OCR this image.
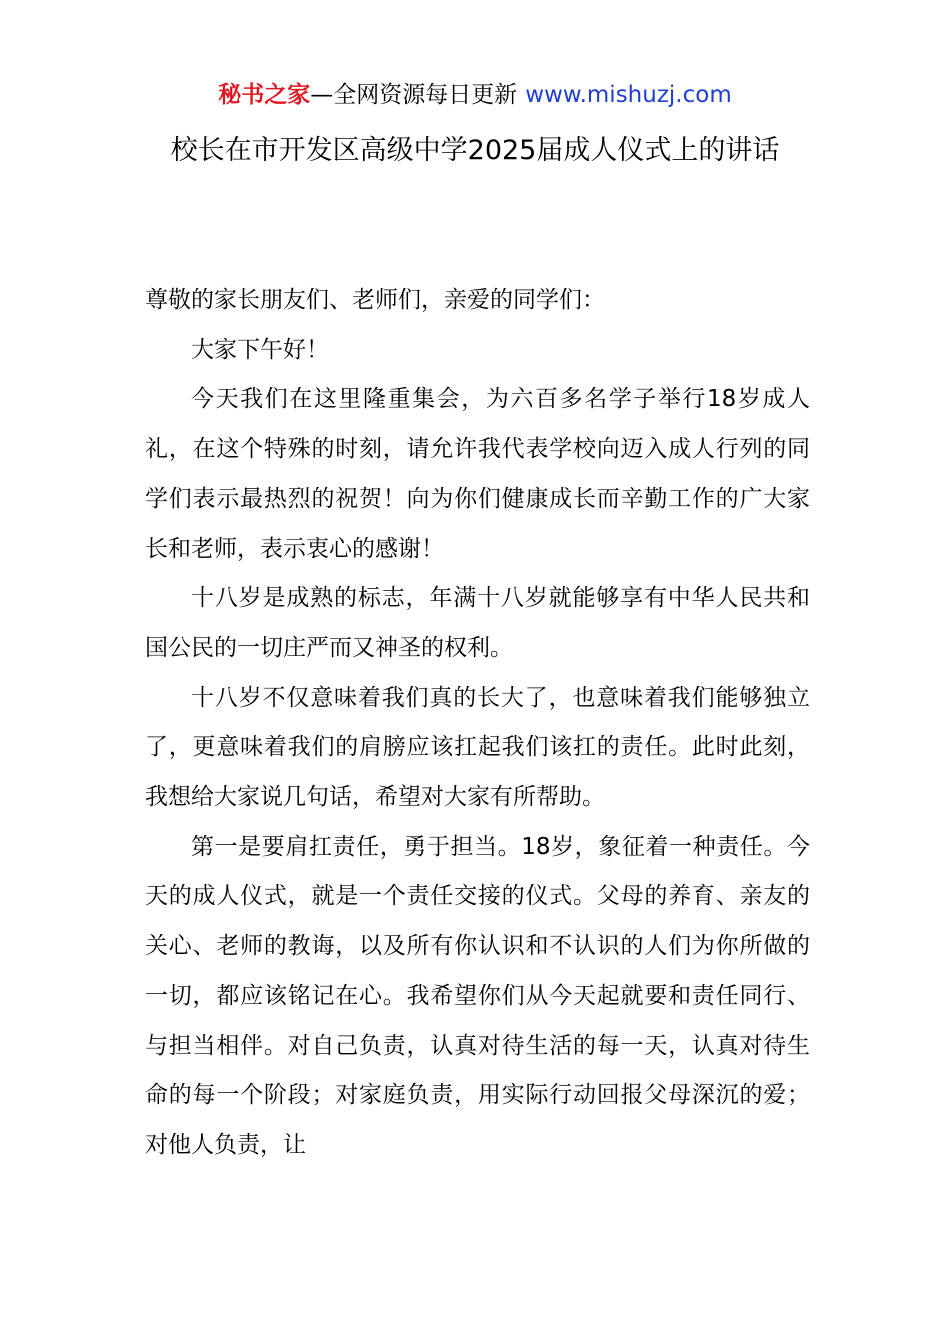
秘书之家—全网资源每日更新 www.mishuzj.com
校长在市开发区高级中学2025届成人仪式上的讲话

尊敬的家长朋友们、老师们，亲爱的同学们：

大家下午好！

今天我们在这里隆重集会，为六百多名学子举行18岁成人礼，在这个特殊的时刻，请允许我代表学校向迈入成人行列的同学们表示最热烈的祝贺！向为你们健康成长而辛勤工作的广大家长和老师，表示衷心的感谢！

十八岁是成熟的标志，年满十八岁就能够享有中华人民共和国公民的一切庄严而又神圣的权利。

十八岁不仅意味着我们真的长大了，也意味着我们能够独立了，更意味着我们的肩膀应该扛起我们该扛的责任。此时此刻，我想给大家说几句话，希望对大家有所帮助。

第一是要肩扛责任，勇于担当。18岁，象征着一种责任。今天的成人仪式，就是一个责任交接的仪式。父母的养育、亲友的关心、老师的教诲，以及所有你认识和不认识的人们为你所做的一切，都应该铭记在心。我希望你们从今天起就要和责任同行、与担当相伴。对自己负责，认真对待生活的每一天，认真对待生命的每一个阶段；对家庭负责，用实际行动回报父母深沉的爱；对他人负责，让
